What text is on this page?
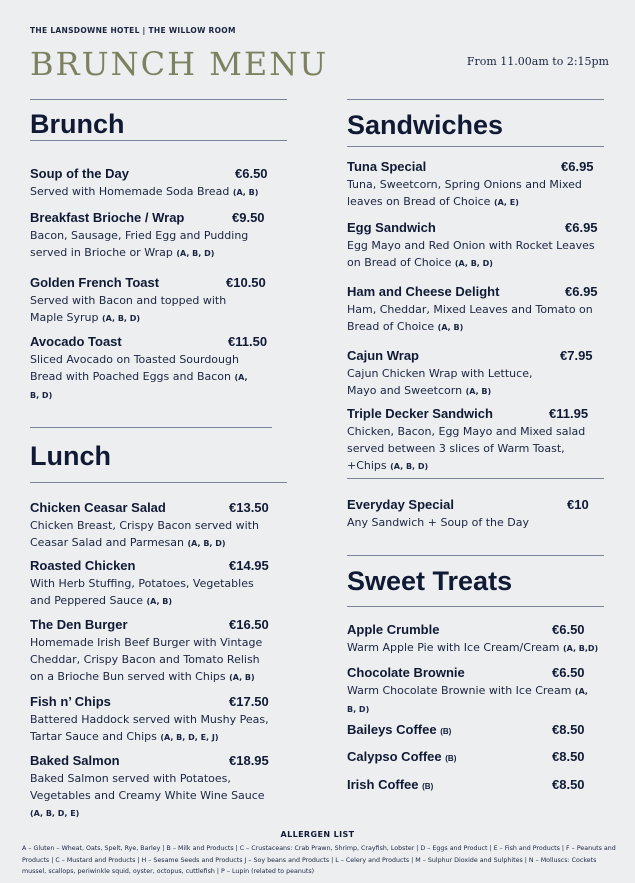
THE LANSDOWNE HOTEL | THE WILLOW ROOM
BRUNCH MENU	From 11.00am to 2:15pm
Brunch
Lunch
Sandwiches
Sweet Treats
Soup of the Day	€6.50
Served with Homemade Soda Bread (A, B)
Breakfast Brioche / Wrap	€9.50
Bacon, Sausage, Fried Egg and Pudding served in Brioche or Wrap (A, B, D)
Golden French Toast	€10.50
Served with Bacon and topped with Maple Syrup (A, B, D)
Avocado Toast	€11.50
Sliced Avocado on Toasted Sourdough Bread with Poached Eggs and Bacon (A, B, D)
Chicken Ceasar Salad	€13.50
Chicken Breast, Crispy Bacon served with Ceasar Salad and Parmesan (A, B, D)
Roasted Chicken	€14.95
With Herb Stuffing, Potatoes, Vegetables and Peppered Sauce (A, B)
The Den Burger	€16.50
Homemade Irish Beef Burger with Vintage Cheddar, Crispy Bacon and Tomato Relish on a Brioche Bun served with Chips (A, B)
Fish n’ Chips	€17.50
Battered Haddock served with Mushy Peas, Tartar Sauce and Chips (A, B, D, E, J)
Baked Salmon	€18.95
Baked Salmon served with Potatoes, Vegetables and Creamy White Wine Sauce (A, B, D, E)
Tuna Special	€6.95
Tuna, Sweetcorn, Spring Onions and Mixed leaves on Bread of Choice (A, E)
Egg Sandwich	€6.95
Egg Mayo and Red Onion with Rocket Leaves on Bread of Choice (A, B, D)
Ham and Cheese Delight	€6.95
Ham, Cheddar, Mixed Leaves and Tomato on Bread of Choice (A, B)
Cajun Wrap	€7.95
Cajun Chicken Wrap with Lettuce, Mayo and Sweetcorn (A, B)
Triple Decker Sandwich	€11.95
Chicken, Bacon, Egg Mayo and Mixed salad served between 3 slices of Warm Toast, +Chips (A, B, D)
Everyday Special	€10
Any Sandwich + Soup of the Day
Apple Crumble	€6.50
Warm Apple Pie with Ice Cream/Cream (A, B,D)
Chocolate Brownie	€6.50
Warm Chocolate Brownie with Ice Cream (A, B, D)
Baileys Coffee (B)	€8.50
Calypso Coffee (B)	€8.50
Irish Coffee (B)	€8.50
ALLERGEN LIST
A – Gluten – Wheat, Oats, Spelt, Rye, Barley | B – Milk and Products | C – Crustaceans: Crab Prawn, Shrimp, Crayfish, Lobster | D – Eggs and Product | E – Fish and Products | F – Peanuts and Products | C – Mustard and Products | H – Sesame Seeds and Products J – Soy beans and Products | L – Celery and Products | M – Sulphur Dioxide and Sulphites | N – Molluscs: Cockets mussel, scallops, periwinkle squid, oyster, octopus, cuttlefish | P – Lupin (related to peanuts)
